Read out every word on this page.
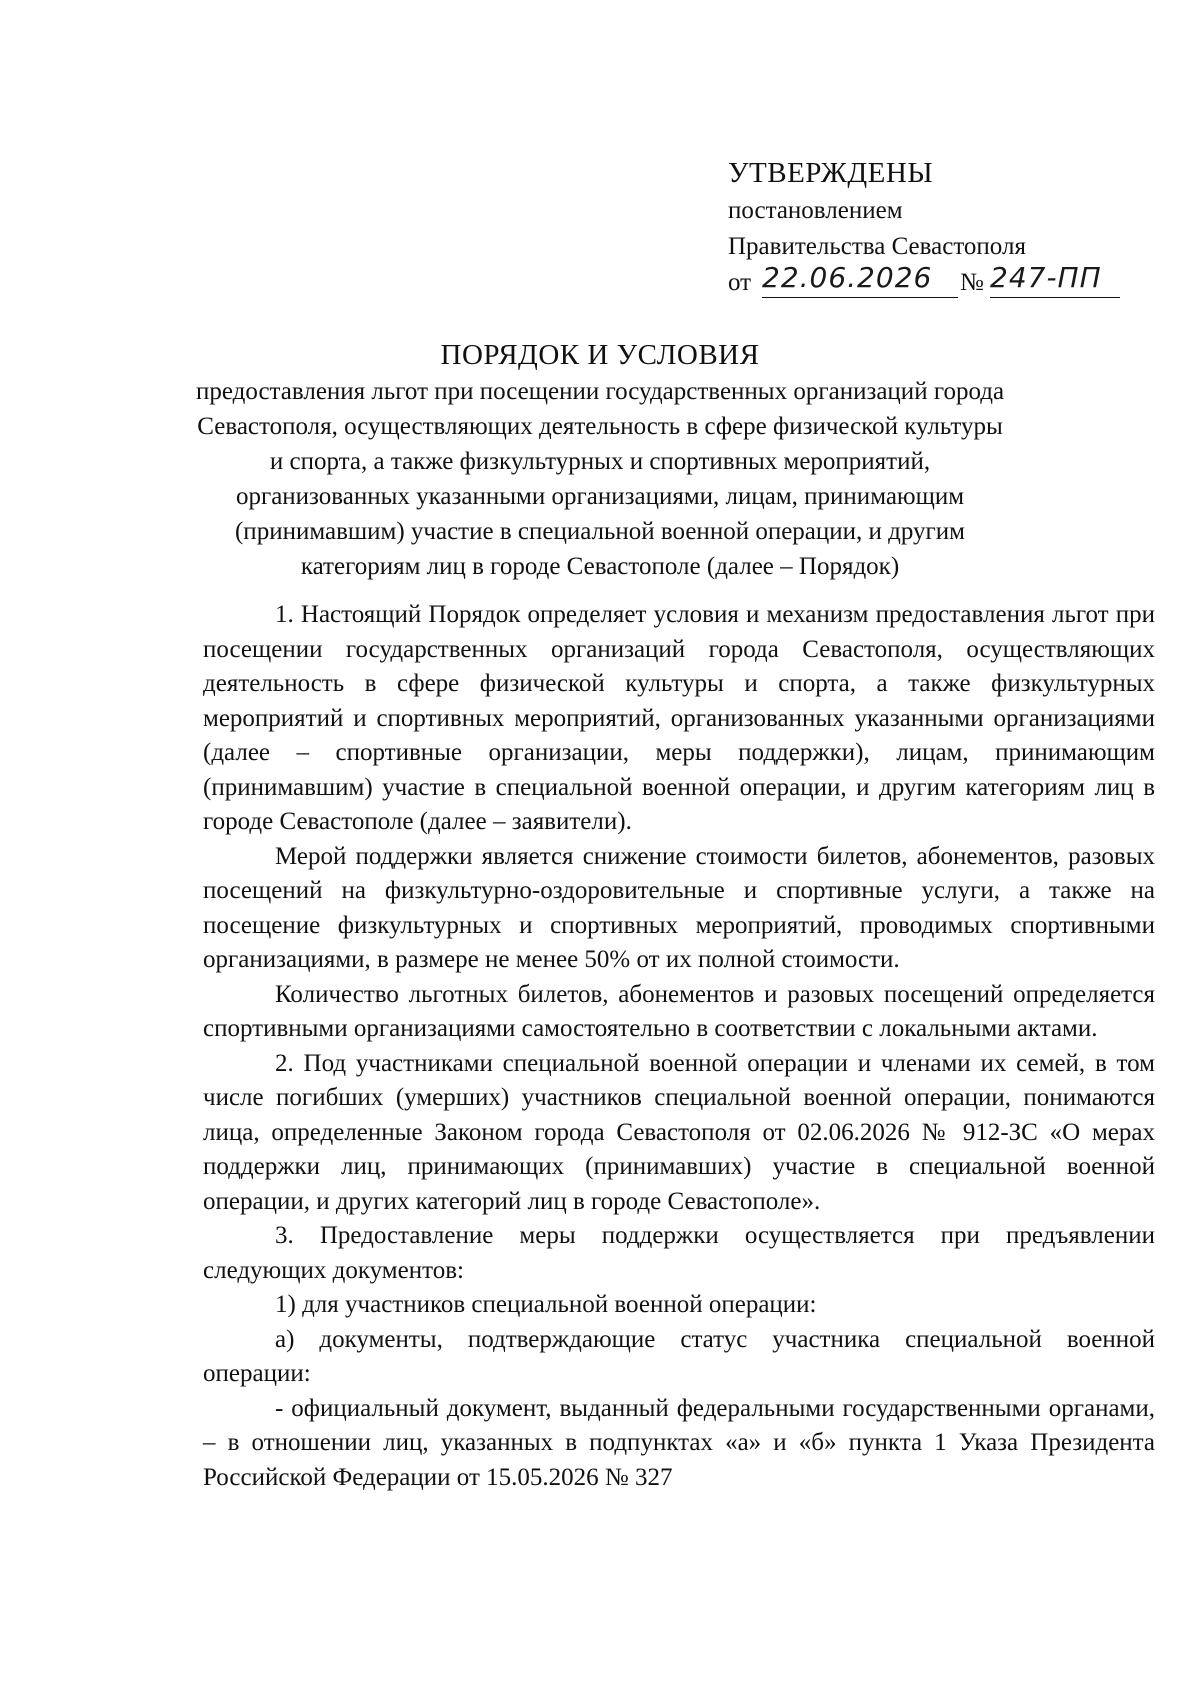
УТВЕРЖДЕНЫ
постановлением
Правительства Севастополя
от 22.06.2026	№ 247-ПП
ПОРЯДОК И УСЛОВИЯ
предоставления льгот при посещении государственных организаций города
Севастополя, осуществляющих деятельность в сфере физической культуры
и спорта, а также физкультурных и спортивных мероприятий,
организованных указанными организациями, лицам, принимающим
(принимавшим) участие в специальной военной операции, и другим
категориям лиц в городе Севастополе (далее – Порядок)

1. Настоящий Порядок определяет условия и механизм предоставления льгот при посещении государственных организаций города Севастополя, осуществляющих деятельность в сфере физической культуры и спорта, а также физкультурных мероприятий и спортивных мероприятий, организованных указанными организациями (далее – спортивные организации, меры поддержки), лицам, принимающим (принимавшим) участие в специальной военной операции, и другим категориям лиц в городе Севастополе (далее – заявители).

Мерой поддержки является снижение стоимости билетов, абонементов, разовых посещений на физкультурно-оздоровительные и спортивные услуги, а также на посещение физкультурных и спортивных мероприятий, проводимых спортивными организациями, в размере не менее 50% от их полной стоимости.

Количество льготных билетов, абонементов и разовых посещений определяется спортивными организациями самостоятельно в соответствии с локальными актами.

2. Под участниками специальной военной операции и членами их семей, в том числе погибших (умерших) участников специальной военной операции, понимаются лица, определенные Законом города Севастополя от 02.06.2026 № 912-ЗС «О мерах поддержки лиц, принимающих (принимавших) участие в специальной военной операции, и других категорий лиц в городе Севастополе».

3. Предоставление меры поддержки осуществляется при предъявлении следующих документов:

1) для участников специальной военной операции:

а) документы, подтверждающие статус участника специальной военной операции:

- официальный документ, выданный федеральными государственными органами, – в отношении лиц, указанных в подпунктах «а» и «б» пункта 1 Указа Президента Российской Федерации от 15.05.2026 № 327
